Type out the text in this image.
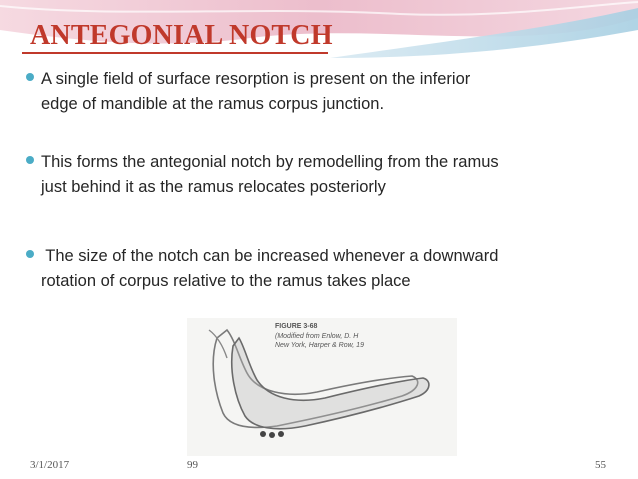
ANTEGONIAL NOTCH
A single field of surface resorption is present on the inferior
edge of mandible at the ramus corpus junction.
This forms the antegonial notch by remodelling from the ramus
just behind it as the ramus relocates posteriorly
The size of the notch can be increased whenever a downward
rotation of corpus relative to the ramus takes place
FIGURE 3-68
(Modified from Enlow, D. H
New York, Harper & Row, 19
3/1/2017	99	55
